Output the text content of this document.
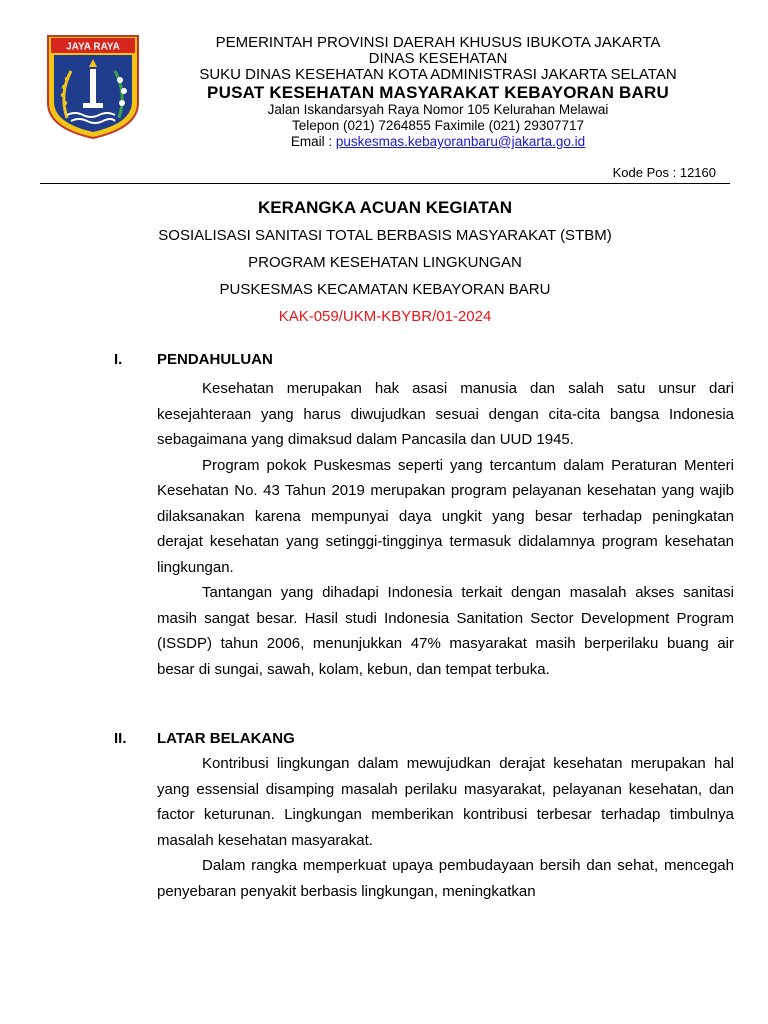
JAYA RAYA	PEMERINTAH PROVINSI DAERAH KHUSUS IBUKOTA JAKARTA
DINAS KESEHATAN
SUKU DINAS KESEHATAN KOTA ADMINISTRASI JAKARTA SELATAN
PUSAT KESEHATAN MASYARAKAT KEBAYORAN BARU
Jalan Iskandarsyah Raya Nomor 105 Kelurahan Melawai
Telepon (021) 7264855 Faximile (021) 29307717
Email : puskesmas.kebayoranbaru@jakarta.go.id
Kode Pos : 12160
KERANGKA ACUAN KEGIATAN
SOSIALISASI SANITASI TOTAL BERBASIS MASYARAKAT (STBM)
PROGRAM KESEHATAN LINGKUNGAN
PUSKESMAS KECAMATAN KEBAYORAN BARU
KAK-059/UKM-KBYBR/01-2024
I.	PENDAHULUAN

Kesehatan merupakan hak asasi manusia dan salah satu unsur dari kesejahteraan yang harus diwujudkan sesuai dengan cita-cita bangsa Indonesia sebagaimana yang dimaksud dalam Pancasila dan UUD 1945.

Program pokok Puskesmas seperti yang tercantum dalam Peraturan Menteri Kesehatan No. 43 Tahun 2019 merupakan program pelayanan kesehatan yang wajib dilaksanakan karena mempunyai daya ungkit yang besar terhadap peningkatan derajat kesehatan yang setinggi-tingginya termasuk didalamnya program kesehatan lingkungan.

Tantangan yang dihadapi Indonesia terkait dengan masalah akses sanitasi masih sangat besar. Hasil studi Indonesia Sanitation Sector Development Program (ISSDP) tahun 2006, menunjukkan 47% masyarakat masih berperilaku buang air besar di sungai, sawah, kolam, kebun, dan tempat terbuka.

II.	LATAR BELAKANG

Kontribusi lingkungan dalam mewujudkan derajat kesehatan merupakan hal yang essensial disamping masalah perilaku masyarakat, pelayanan kesehatan, dan factor keturunan. Lingkungan memberikan kontribusi terbesar terhadap timbulnya masalah kesehatan masyarakat.

Dalam rangka memperkuat upaya pembudayaan bersih dan sehat, mencegah penyebaran penyakit berbasis lingkungan, meningkatkan
